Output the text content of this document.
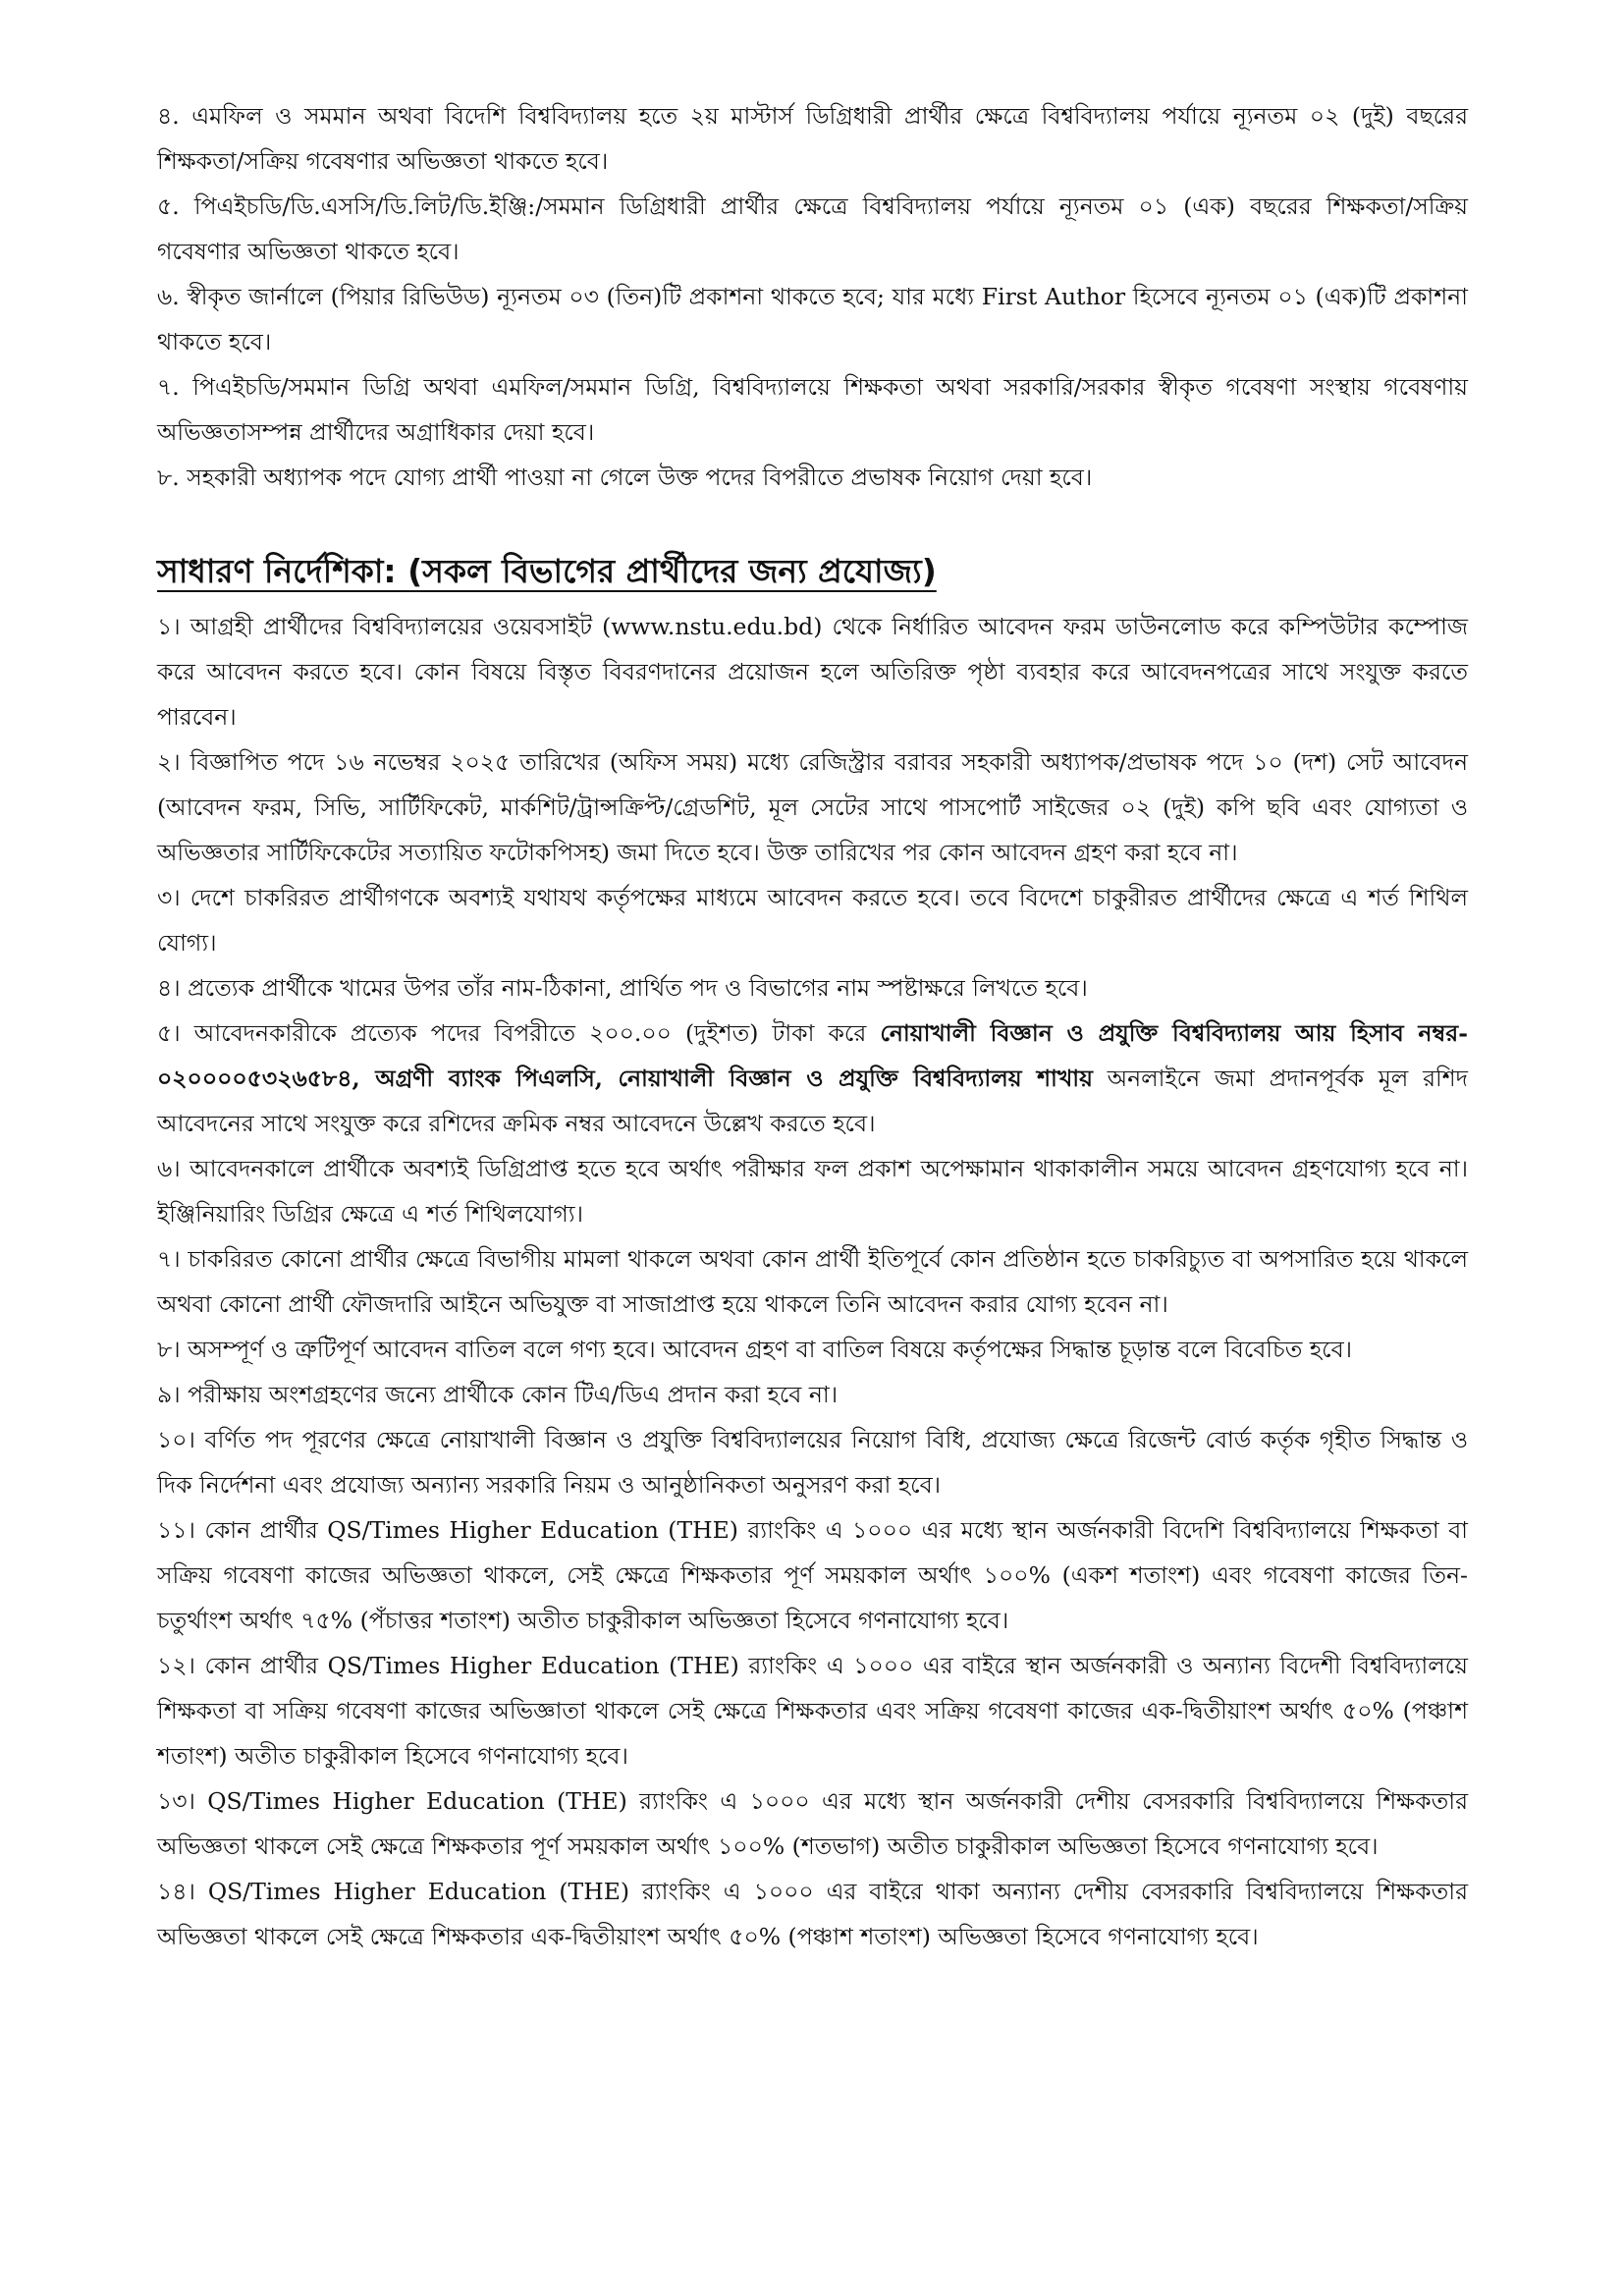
৪. এমফিল ও সমমান অথবা বিদেশি বিশ্ববিদ্যালয় হতে ২য় মাস্টার্স ডিগ্রিধারী প্রার্থীর ক্ষেত্রে বিশ্ববিদ্যালয় পর্যায়ে ন্যূনতম ০২ (দুই) বছরের শিক্ষকতা/সক্রিয় গবেষণার অভিজ্ঞতা থাকতে হবে।

৫. পিএইচডি/ডি.এসসি/ডি.লিট/ডি.ইঞ্জি:/সমমান ডিগ্রিধারী প্রার্থীর ক্ষেত্রে বিশ্ববিদ্যালয় পর্যায়ে ন্যূনতম ০১ (এক) বছরের শিক্ষকতা/সক্রিয় গবেষণার অভিজ্ঞতা থাকতে হবে।

৬. স্বীকৃত জার্নালে (পিয়ার রিভিউড) ন্যূনতম ০৩ (তিন)টি প্রকাশনা থাকতে হবে; যার মধ্যে First Author হিসেবে ন্যূনতম ০১ (এক)টি প্রকাশনা থাকতে হবে।

৭. পিএইচডি/সমমান ডিগ্রি অথবা এমফিল/সমমান ডিগ্রি, বিশ্ববিদ্যালয়ে শিক্ষকতা অথবা সরকারি/সরকার স্বীকৃত গবেষণা সংস্থায় গবেষণায় অভিজ্ঞতাসম্পন্ন প্রার্থীদের অগ্রাধিকার দেয়া হবে।

৮. সহকারী অধ্যাপক পদে যোগ্য প্রার্থী পাওয়া না গেলে উক্ত পদের বিপরীতে প্রভাষক নিয়োগ দেয়া হবে।

সাধারণ নির্দেশিকা: (সকল বিভাগের প্রার্থীদের জন্য প্রযোজ্য)

১। আগ্রহী প্রার্থীদের বিশ্ববিদ্যালয়ের ওয়েবসাইট (www.nstu.edu.bd) থেকে নির্ধারিত আবেদন ফরম ডাউনলোড করে কম্পিউটার কম্পোজ করে আবেদন করতে হবে। কোন বিষয়ে বিস্তৃত বিবরণদানের প্রয়োজন হলে অতিরিক্ত পৃষ্ঠা ব্যবহার করে আবেদনপত্রের সাথে সংযুক্ত করতে পারবেন।

২। বিজ্ঞাপিত পদে ১৬ নভেম্বর ২০২৫ তারিখের (অফিস সময়) মধ্যে রেজিস্ট্রার বরাবর সহকারী অধ্যাপক/প্রভাষক পদে ১০ (দশ) সেট আবেদন (আবেদন ফরম, সিভি, সার্টিফিকেট, মার্কশিট/ট্রান্সক্রিপ্ট/গ্রেডশিট, মূল সেটের সাথে পাসপোর্ট সাইজের ০২ (দুই) কপি ছবি এবং যোগ্যতা ও অভিজ্ঞতার সার্টিফিকেটের সত্যায়িত ফটোকপিসহ) জমা দিতে হবে। উক্ত তারিখের পর কোন আবেদন গ্রহণ করা হবে না।

৩। দেশে চাকরিরত প্রার্থীগণকে অবশ্যই যথাযথ কর্তৃপক্ষের মাধ্যমে আবেদন করতে হবে। তবে বিদেশে চাকুরীরত প্রার্থীদের ক্ষেত্রে এ শর্ত শিথিল যোগ্য।

৪। প্রত্যেক প্রার্থীকে খামের উপর তাঁর নাম-ঠিকানা, প্রার্থিত পদ ও বিভাগের নাম স্পষ্টাক্ষরে লিখতে হবে।

৫। আবেদনকারীকে প্রত্যেক পদের বিপরীতে ২০০.০০ (দুইশত) টাকা করে নোয়াখালী বিজ্ঞান ও প্রযুক্তি বিশ্ববিদ্যালয় আয় হিসাব নম্বর- ০২০০০০৫৩২৬৫৮৪, অগ্রণী ব্যাংক পিএলসি, নোয়াখালী বিজ্ঞান ও প্রযুক্তি বিশ্ববিদ্যালয় শাখায় অনলাইনে জমা প্রদানপূর্বক মূল রশিদ আবেদনের সাথে সংযুক্ত করে রশিদের ক্রমিক নম্বর আবেদনে উল্লেখ করতে হবে।

৬। আবেদনকালে প্রার্থীকে অবশ্যই ডিগ্রিপ্রাপ্ত হতে হবে অর্থাৎ পরীক্ষার ফল প্রকাশ অপেক্ষামান থাকাকালীন সময়ে আবেদন গ্রহণযোগ্য হবে না। ইঞ্জিনিয়ারিং ডিগ্রির ক্ষেত্রে এ শর্ত শিথিলযোগ্য।

৭। চাকরিরত কোনো প্রার্থীর ক্ষেত্রে বিভাগীয় মামলা থাকলে অথবা কোন প্রার্থী ইতিপূর্বে কোন প্রতিষ্ঠান হতে চাকরিচ্যুত বা অপসারিত হয়ে থাকলে অথবা কোনো প্রার্থী ফৌজদারি আইনে অভিযুক্ত বা সাজাপ্রাপ্ত হয়ে থাকলে তিনি আবেদন করার যোগ্য হবেন না।

৮। অসম্পূর্ণ ও ত্রুটিপূর্ণ আবেদন বাতিল বলে গণ্য হবে। আবেদন গ্রহণ বা বাতিল বিষয়ে কর্তৃপক্ষের সিদ্ধান্ত চূড়ান্ত বলে বিবেচিত হবে।

৯। পরীক্ষায় অংশগ্রহণের জন্যে প্রার্থীকে কোন টিএ/ডিএ প্রদান করা হবে না।

১০। বর্ণিত পদ পূরণের ক্ষেত্রে নোয়াখালী বিজ্ঞান ও প্রযুক্তি বিশ্ববিদ্যালয়ের নিয়োগ বিধি, প্রযোজ্য ক্ষেত্রে রিজেন্ট বোর্ড কর্তৃক গৃহীত সিদ্ধান্ত ও দিক নির্দেশনা এবং প্রযোজ্য অন্যান্য সরকারি নিয়ম ও আনুষ্ঠানিকতা অনুসরণ করা হবে।

১১। কোন প্রার্থীর QS/Times Higher Education (THE) র‍্যাংকিং এ ১০০০ এর মধ্যে স্থান অর্জনকারী বিদেশি বিশ্ববিদ্যালয়ে শিক্ষকতা বা সক্রিয় গবেষণা কাজের অভিজ্ঞতা থাকলে, সেই ক্ষেত্রে শিক্ষকতার পূর্ণ সময়কাল অর্থাৎ ১০০% (একশ শতাংশ) এবং গবেষণা কাজের তিন-চতুর্থাংশ অর্থাৎ ৭৫% (পঁচাত্তর শতাংশ) অতীত চাকুরীকাল অভিজ্ঞতা হিসেবে গণনাযোগ্য হবে।

১২। কোন প্রার্থীর QS/Times Higher Education (THE) র‍্যাংকিং এ ১০০০ এর বাইরে স্থান অর্জনকারী ও অন্যান্য বিদেশী বিশ্ববিদ্যালয়ে শিক্ষকতা বা সক্রিয় গবেষণা কাজের অভিজ্ঞাতা থাকলে সেই ক্ষেত্রে শিক্ষকতার এবং সক্রিয় গবেষণা কাজের এক-দ্বিতীয়াংশ অর্থাৎ ৫০% (পঞ্চাশ শতাংশ) অতীত চাকুরীকাল হিসেবে গণনাযোগ্য হবে।

১৩। QS/Times Higher Education (THE) র‍্যাংকিং এ ১০০০ এর মধ্যে স্থান অর্জনকারী দেশীয় বেসরকারি বিশ্ববিদ্যালয়ে শিক্ষকতার অভিজ্ঞতা থাকলে সেই ক্ষেত্রে শিক্ষকতার পূর্ণ সময়কাল অর্থাৎ ১০০% (শতভাগ) অতীত চাকুরীকাল অভিজ্ঞতা হিসেবে গণনাযোগ্য হবে।

১৪। QS/Times Higher Education (THE) র‍্যাংকিং এ ১০০০ এর বাইরে থাকা অন্যান্য দেশীয় বেসরকারি বিশ্ববিদ্যালয়ে শিক্ষকতার অভিজ্ঞতা থাকলে সেই ক্ষেত্রে শিক্ষকতার এক-দ্বিতীয়াংশ অর্থাৎ ৫০% (পঞ্চাশ শতাংশ) অভিজ্ঞতা হিসেবে গণনাযোগ্য হবে।
